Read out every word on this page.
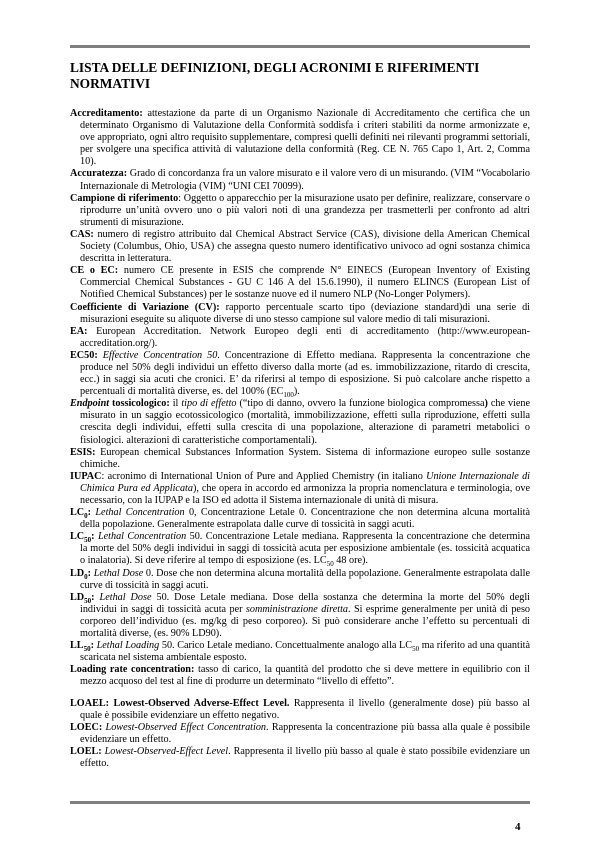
LISTA DELLE DEFINIZIONI, DEGLI ACRONIMI E RIFERIMENTI NORMATIVI

Accreditamento: attestazione da parte di un Organismo Nazionale di Accreditamento che certifica che un determinato Organismo di Valutazione della Conformità soddisfa i criteri stabiliti da norme armonizzate e, ove appropriato, ogni altro requisito supplementare, compresi quelli definiti nei rilevanti programmi settoriali, per svolgere una specifica attività di valutazione della conformità (Reg. CE N. 765 Capo 1, Art. 2, Comma 10).

Accuratezza: Grado di concordanza fra un valore misurato e il valore vero di un misurando. (VIM “Vocabolario Internazionale di Metrologia (VIM) “UNI CEI 70099).

Campione di riferimento: Oggetto o apparecchio per la misurazione usato per definire, realizzare, conservare o riprodurre un’unità ovvero uno o più valori noti di una grandezza per trasmetterli per confronto ad altri strumenti di misurazione.

CAS: numero di registro attribuito dal Chemical Abstract Service (CAS), divisione della American Chemical Society (Columbus, Ohio, USA) che assegna questo numero identificativo univoco ad ogni sostanza chimica descritta in letteratura.

CE o EC: numero CE presente in ESIS che comprende N° EINECS (European Inventory of Existing Commercial Chemical Substances - GU C 146 A del 15.6.1990), il numero ELINCS (European List of Notified Chemical Substances) per le sostanze nuove ed il numero NLP (No-Longer Polymers).

Coefficiente di Variazione (CV): rapporto percentuale scarto tipo (deviazione standard)di una serie di misurazioni eseguite su aliquote diverse di uno stesso campione sul valore medio di tali misurazioni.

EA: European Accreditation. Network Europeo degli enti di accreditamento (http://www.european-accreditation.org/).

EC50: Effective Concentration 50. Concentrazione di Effetto mediana. Rappresenta la concentrazione che produce nel 50% degli individui un effetto diverso dalla morte (ad es. immobilizzazione, ritardo di crescita, ecc.) in saggi sia acuti che cronici. E’ da riferirsi al tempo di esposizione. Si può calcolare anche rispetto a percentuali di mortalità diverse, es. del 100% $(EC_{100})$.

Endpoint tossicologico: il tipo di effetto (“tipo di danno, ovvero la funzione biologica compromessa) che viene misurato in un saggio ecotossicologico (mortalità, immobilizzazione, effetti sulla riproduzione, effetti sulla crescita degli individui, effetti sulla crescita di una popolazione, alterazione di parametri metabolici o fisiologici. alterazioni di caratteristiche comportamentali).

ESIS: European chemical Substances Information System. Sistema di informazione europeo sulle sostanze chimiche.

IUPAC: acronimo di International Union of Pure and Applied Chemistry (in italiano Unione Internazionale di Chimica Pura ed Applicata), che opera in accordo ed armonizza la propria nomenclatura e terminologia, ove necessario, con la IUPAP e la ISO ed adotta il Sistema internazionale di unità di misura.

$LC_0$: Lethal Concentration 0, Concentrazione Letale 0. Concentrazione che non determina alcuna mortalità della popolazione. Generalmente estrapolata dalle curve di tossicità in saggi acuti.

$LC_{50}$: Lethal Concentration 50. Concentrazione Letale mediana. Rappresenta la concentrazione che determina la morte del 50% degli individui in saggi di tossicità acuta per esposizione ambientale (es. tossicità acquatica o inalatoria). Si deve riferire al tempo di esposizione (es. $LC_{50}$ 48 ore).

$LD_0$: Lethal Dose 0. Dose che non determina alcuna mortalità della popolazione. Generalmente estrapolata dalle curve di tossicità in saggi acuti.

$LD_{50}$: Lethal Dose 50. Dose Letale mediana. Dose della sostanza che determina la morte del 50% degli individui in saggi di tossicità acuta per somministrazione diretta. Si esprime generalmente per unità di peso corporeo dell’individuo (es. mg/kg di peso corporeo). Si può considerare anche l’effetto su percentuali di mortalità diverse, (es. 90% LD90).

$LL_{50}$: Lethal Loading 50. Carico Letale mediano. Concettualmente analogo alla $LC_{50}$ ma riferito ad una quantità scaricata nel sistema ambientale esposto.

Loading rate concentration: tasso di carico, la quantità del prodotto che si deve mettere in equilibrio con il mezzo acquoso del test al fine di produrre un determinato “livello di effetto”.

LOAEL: Lowest-Observed Adverse-Effect Level. Rappresenta il livello (generalmente dose) più basso al quale è possibile evidenziare un effetto negativo.

LOEC: Lowest-Observed Effect Concentration. Rappresenta la concentrazione più bassa alla quale è possibile evidenziare un effetto.

LOEL: Lowest-Observed-Effect Level. Rappresenta il livello più basso al quale è stato possibile evidenziare un effetto.

4
